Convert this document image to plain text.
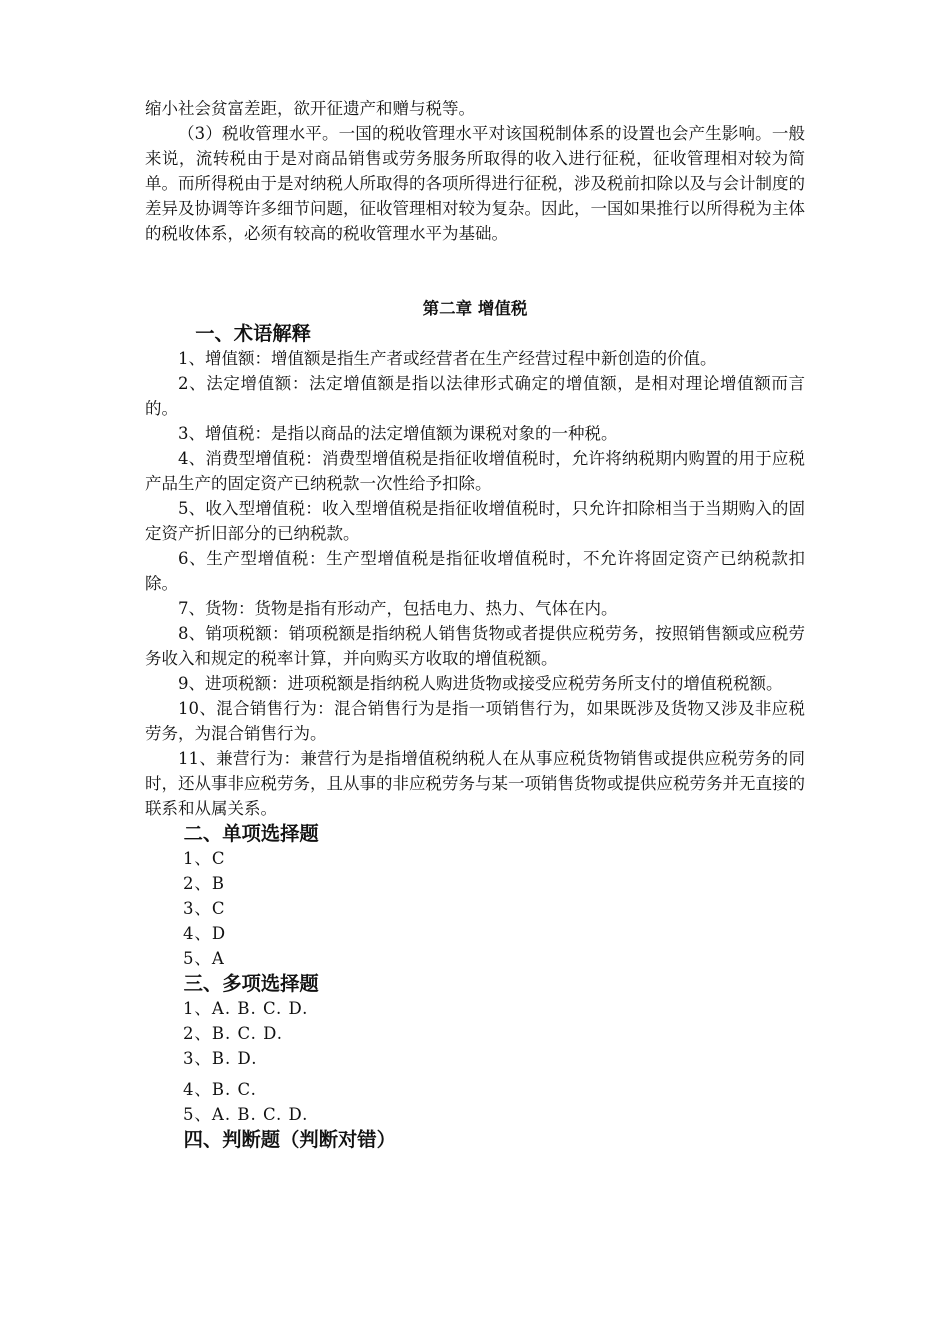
缩小社会贫富差距，欲开征遗产和赠与税等。

（3）税收管理水平。一国的税收管理水平对该国税制体系的设置也会产生影响。一般来说，流转税由于是对商品销售或劳务服务所取得的收入进行征税，征收管理相对较为简单。而所得税由于是对纳税人所取得的各项所得进行征税，涉及税前扣除以及与会计制度的差异及协调等许多细节问题，征收管理相对较为复杂。因此，一国如果推行以所得税为主体的税收体系，必须有较高的税收管理水平为基础。

第二章 增值税
一、术语解释

1、增值额：增值额是指生产者或经营者在生产经营过程中新创造的价值。

2、法定增值额：法定增值额是指以法律形式确定的增值额，是相对理论增值额而言的。

3、增值税：是指以商品的法定增值额为课税对象的一种税。

4、消费型增值税：消费型增值税是指征收增值税时，允许将纳税期内购置的用于应税产品生产的固定资产已纳税款一次性给予扣除。

5、收入型增值税：收入型增值税是指征收增值税时，只允许扣除相当于当期购入的固定资产折旧部分的已纳税款。

6、生产型增值税：生产型增值税是指征收增值税时，不允许将固定资产已纳税款扣除。

7、货物：货物是指有形动产，包括电力、热力、气体在内。

8、销项税额：销项税额是指纳税人销售货物或者提供应税劳务，按照销售额或应税劳务收入和规定的税率计算，并向购买方收取的增值税额。

9、进项税额：进项税额是指纳税人购进货物或接受应税劳务所支付的增值税税额。

10、混合销售行为：混合销售行为是指一项销售行为，如果既涉及货物又涉及非应税劳务，为混合销售行为。

11、兼营行为：兼营行为是指增值税纳税人在从事应税货物销售或提供应税劳务的同时，还从事非应税劳务，且从事的非应税劳务与某一项销售货物或提供应税劳务并无直接的联系和从属关系。

二、单项选择题

1、C

2、B

3、C

4、D

5、A

三、多项选择题

1、A. B. C. D.

2、B. C. D.

3、B. D.

4、B. C.

5、A. B. C. D.

四、判断题（判断对错）
